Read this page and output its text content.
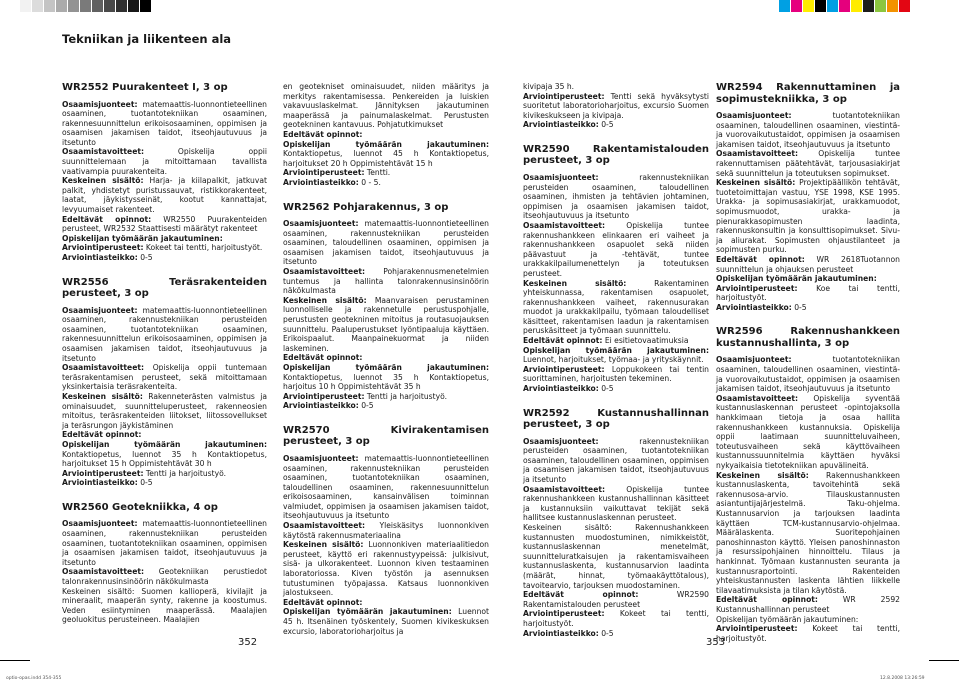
Tekniikan ja liikenteen ala
WR2552 Puurakenteet I, 3 op

Osaamisjuonteet: matemaattis-luonnontieteellinen osaaminen, tuotantotekniikan osaaminen, rakennesuunnittelun erikoisosaaminen, oppimisen ja osaamisen jakamisen taidot, itseohjautuvuus ja itsetunto

Osaamistavoitteet: Opiskelija oppii suunnittelemaan ja mitoittamaan tavallista vaativampia puurakenteita.

Keskeinen sisältö: Harja- ja kiilapalkit, jatkuvat palkit, yhdistetyt puristussauvat, ristikkorakenteet, laatat, jäykistysseinät, kootut kannattajat, levyuumaiset rakenteet.

Edeltävät opinnot: WR2550 Puurakenteiden perusteet, WR2532 Staattisesti määrätyt rakenteet

Opiskelijan työmäärän jakautuminen:

Arviointiperusteet: Kokeet tai tentti, harjoitustyöt.

Arviointiasteikko: 0-5

WR2556 Teräsrakenteiden perusteet, 3 op

Osaamisjuonteet: matemaattis-luonnontieteellinen osaaminen, rakennustekniikan perusteiden osaaminen, tuotantotekniikan osaaminen, rakennesuunnittelun erikoisosaaminen, oppimisen ja osaamisen jakamisen taidot, itseohjautuvuus ja itsetunto

Osaamistavoitteet: Opiskelija oppii tuntemaan teräsrakentamisen perusteet, sekä mitoittamaan yksinkertaisia teräsrakenteita.

Keskeinen sisältö: Rakenneterästen valmistus ja ominaisuudet, suunnitteluperusteet, rakenneosien mitoitus, teräsrakenteiden liitokset, liitossovellukset ja teräsrungon jäykistäminen

Edeltävät opinnot:

Opiskelijan työmäärän jakautuminen: Kontaktiopetus, luennot 35 h Kontaktiopetus, harjoitukset 15 h Oppimistehtävät 30 h

Arviointiperusteet: Tentti ja harjoitustyö.

Arviointiasteikko: 0-5

WR2560 Geotekniikka, 4 op

Osaamisjuonteet: matemaattis-luonnontieteellinen osaaminen, rakennustekniikan perusteiden osaaminen, tuotantotekniikan osaaminen, oppimisen ja osaamisen jakamisen taidot, itseohjautuvuus ja itsetunto

Osaamistavoitteet: Geotekniikan perustiedot talonrakennusinsinöörin näkökulmasta

Keskeinen sisältö: Suomen kallioperä, kivilajit ja mineraalit, maaperän synty, rakenne ja koostumus. Veden esiintyminen maaperässä. Maalajien geoluokitus perusteineen. Maalajien

en geotekniset ominaisuudet, niiden määritys ja merkitys rakentamisessa. Penkereiden ja luiskien vakavuuslaskelmat. Jännityksen jakautuminen maaperässä ja painumalaskelmat. Perustusten geotekninen kantavuus. Pohjatutkimukset

Edeltävät opinnot:

Opiskelijan työmäärän jakautuminen: Kontaktiopetus, luennot 45 h Kontaktiopetus, harjoitukset 20 h Oppimistehtävät 15 h

Arviointiperusteet: Tentti.

Arviointiasteikko: 0 - 5.

WR2562 Pohjarakennus, 3 op

Osaamisjuonteet: matemaattis-luonnontieteellinen osaaminen, rakennustekniikan perusteiden osaaminen, taloudellinen osaaminen, oppimisen ja osaamisen jakamisen taidot, itseohjautuvuus ja itsetunto

Osaamistavoitteet: Pohjarakennusmenetelmien tuntemus ja hallinta talonrakennusinsinöörin näkökulmasta

Keskeinen sisältö: Maanvaraisen perustaminen luonnolliselle ja rakennetulle perustuspohjalle, perustusten geotekninen mitoitus ja routasuojauksen suunnittelu. Paaluperustukset lyöntipaalujа käyttäen. Erikoispaalut. Maanpainekuormat ja niiden laskeminen.

Edeltävät opinnot:

Opiskelijan työmäärän jakautuminen: Kontaktiopetus, luennot 35 h Kontaktiopetus, harjoitus 10 h Oppimistehtävät 35 h

Arviointiperusteet: Tentti ja harjoitustyö.

Arviointiasteikko: 0-5

WR2570 Kivirakentamisen perusteet, 3 op

Osaamisjuonteet: matemaattis-luonnontieteellinen osaaminen, rakennustekniikan perusteiden osaaminen, tuotantotekniikan osaaminen, taloudellinen osaaminen, rakennesuunnittelun erikoisosaaminen, kansainvälisen toiminnan valmiudet, oppimisen ja osaamisen jakamisen taidot, itseohjautuvuus ja itsetunto

Osaamistavoitteet: Yleiskäsitys luonnonkiven käytöstä rakennusmateriaalina

Keskeinen sisältö: Luonnonkiven materiaalitiedon perusteet, käyttö eri rakennustyypeissä: julkisivut, sisä- ja ulkorakenteet. Luonnon kiven testaaminen laboratoriossa. Kiven työstön ja asennuksen tutustuminen työpajassa. Katsaus luonnonkiven jalostukseen.

Edeltävät opinnot:

Opiskelijan työmäärän jakautuminen: Luennot 45 h. Itsenäinen työskentely, Suomen kivikeskuksen excursio, laboratorioharjoitus ja

kivipaja 35 h.

Arviointiperusteet: Tentti sekä hyväksytysti suoritetut laboratorioharjoitus, excursio Suomen kivikeskukseen ja kivipaja.

Arviointiasteikko: 0-5

WR2590 Rakentamistalouden perusteet, 3 op

Osaamisjuonteet: rakennustekniikan perusteiden osaaminen, taloudellinen osaaminen, ihmisten ja tehtävien johtaminen, oppimisen ja osaamisen jakamisen taidot, itseohjautuvuus ja itsetunto

Osaamistavoitteet: Opiskelija tuntee rakennushankkeen elinkaaren eri vaiheet ja rakennushankkeen osapuolet sekä niiden päävastuut ja -tehtävät, tuntee urakkakilpailumenettelyn ja toteutuksen perusteet.

Keskeinen sisältö: Rakentaminen yhteiskunnassa, rakentamisen osapuolet, rakennushankkeen vaiheet, rakennusurakan muodot ja urakkakilpailu, työmaan taloudelliset käsitteet, rakentamisen laadun ja rakentamisen peruskäsitteet ja työmaan suunnittelu.

Edeltävät opinnot: Ei esitietovaatimuksia

Opiskelijan työmäärän jakautuminen: Luennot, harjoitukset, työmaa- ja yrityskäynnit.

Arviointiperusteet: Loppukokeen tai tentin suorittaminen, harjoitusten tekeminen.

Arviointiasteikko: 0-5

WR2592 Kustannushallinnan perusteet, 3 op

Osaamisjuonteet: rakennustekniikan perusteiden osaaminen, tuotantotekniikan osaaminen, taloudellinen osaaminen, oppimisen ja osaamisen jakamisen taidot, itseohjautuvuus ja itsetunto

Osaamistavoitteet: Opiskelija tuntee rakennushankkeen kustannushallinnan käsitteet ja kustannuksiin vaikuttavat tekijät sekä hallitsee kustannuslaskennan perusteet.

Keskeinen sisältö: Rakennushankkeen kustannusten muodostuminen, nimikkeistöt, kustannuslaskennan menetelmät, suunnitteluratkaisujen ja rakentamisvaiheen kustannuslaskenta, kustannusarvion laadinta (määrät, hinnat, työmaakäyttötalous), tavoitearvio, tarjouksen muodostaminen.

Edeltävät opinnot: WR2590 Rakentamistalouden perusteet

Arviointiperusteet: Kokeet tai tentti, harjoitustyöt.

Arviointiasteikko: 0-5

WR2594 Rakennuttaminen ja sopimustekniikka, 3 op

Osaamisjuonteet: tuotantotekniikan osaaminen, taloudellinen osaaminen, viestintä- ja vuorovaikutustaidot, oppimisen ja osaamisen jakamisen taidot, itseohjautuvuus ja itsetunto

Osaamistavoitteet: Opiskelija tuntee rakennuttamisen päätehtävät, tarjousasiakirjat sekä suunnittelun ja toteutuksen sopimukset.

Keskeinen sisältö: Projektipäällikön tehtävät, tuotetoimittajan vastuu, YSE 1998, KSE 1995. Urakka- ja sopimusasiakirjat, urakkamuodot, sopimusmuodot, urakka- ja pienurakkasopimusten laadinta, rakennuskonsultin ja konsulttisopimukset. Sivu- ja aliurakat. Sopimusten ohjaustilanteet ja sopimusten purku.

Edeltävät opinnot: WR 2618Tuotannon suunnittelun ja ohjauksen perusteet

Opiskelijan työmäärän jakautuminen:

Arviointiperusteet: Koe tai tentti, harjoitustyöt.

Arviointiasteikko: 0-5

WR2596 Rakennushankkeen kustannushallinta, 3 op

Osaamisjuonteet: tuotantotekniikan osaaminen, taloudellinen osaaminen, viestintä- ja vuorovaikutustaidot, oppimisen ja osaamisen jakamisen taidot, itseohjautuvuus ja itsetunto

Osaamistavoitteet: Opiskelija syventää kustannuslaskennan perusteet -opintojaksolla hankkimaan tietoja ja osaa hallita rakennushankkeen kustannuksia. Opiskelija oppii laatimaan suunnitteluvaiheen, toteutusvaiheen sekä käyttövaiheen kustannussuunnitelmia käyttäen hyväksi nykyaikaisia tietotekniikan apuvälineitä.

Keskeinen sisältö: Rakennushankkeen kustannuslaskenta, tavoitehintä sekä rakennusosa-arvio. Tilauskustannusten asiantuntijajärjestelmä. Taku-ohjelma. Kustannusarvion ja tarjouksen laadinta käyttäen TCM-kustannusarvio-ohjelmaa. Määrälaskenta. Suoritepohjainen panoshinnaston käyttö. Yleisen panoshinnaston ja resurssipohjainen hinnoittelu. Tilaus ja hankinnat. Työmaan kustannusten seuranta ja kustannusraportointi. Rakenteiden yhteiskustannusten laskenta lähtien liikkelle tilavaatimuksista ja tilan käytöstä.

Edeltävät opinnot: WR 2592 Kustannushallinnan perusteet

Opiskelijan työmäärän jakautuminen:

Arviointiperusteet: Kokeet tai tentti, harjoitustyöt.

352	353
optio-opas.indd 354-355	12.8.2008 13:26:59
